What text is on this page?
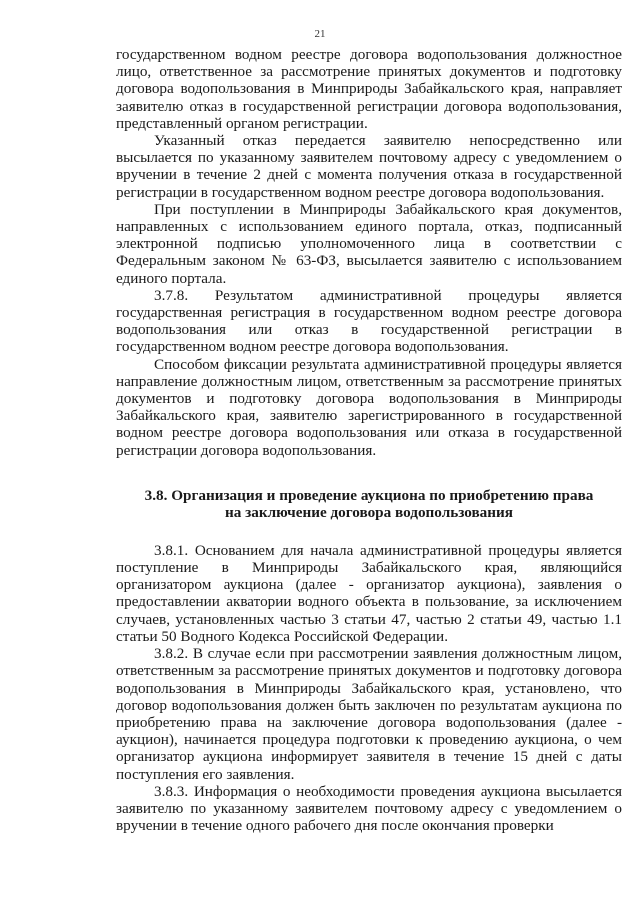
21

государственном водном реестре договора водопользования должностное лицо, ответственное за рассмотрение принятых документов и подготовку договора водопользования в Минприроды Забайкальского края, направляет заявителю отказ в государственной регистрации договора водопользования, представленный органом регистрации.

Указанный отказ передается заявителю непосредственно или высылается по указанному заявителем почтовому адресу с уведомлением о вручении в течение 2 дней с момента получения отказа в государственной регистрации в государственном водном реестре договора водопользования.

При поступлении в Минприроды Забайкальского края документов, направленных с использованием единого портала, отказ, подписанный электронной подписью уполномоченного лица в соответствии с Федеральным законом № 63-ФЗ, высылается заявителю с использованием единого портала.

3.7.8. Результатом административной процедуры является государственная регистрация в государственном водном реестре договора водопользования или отказ в государственной регистрации в государственном водном реестре договора водопользования.

Способом фиксации результата административной процедуры является направление должностным лицом, ответственным за рассмотрение принятых документов и подготовку договора водопользования в Минприроды Забайкальского края, заявителю зарегистрированного в государственной водном реестре договора водопользования или отказа в государственной регистрации договора водопользования.

3.8. Организация и проведение аукциона по приобретению права на заключение договора водопользования

3.8.1. Основанием для начала административной процедуры является поступление в Минприроды Забайкальского края, являющийся организатором аукциона (далее - организатор аукциона), заявления о предоставлении акватории водного объекта в пользование, за исключением случаев, установленных частью 3 статьи 47, частью 2 статьи 49, частью 1.1 статьи 50 Водного Кодекса Российской Федерации.

3.8.2. В случае если при рассмотрении заявления должностным лицом, ответственным за рассмотрение принятых документов и подготовку договора водопользования в Минприроды Забайкальского края, установлено, что договор водопользования должен быть заключен по результатам аукциона по приобретению права на заключение договора водопользования (далее - аукцион), начинается процедура подготовки к проведению аукциона, о чем организатор аукциона информирует заявителя в течение 15 дней с даты поступления его заявления.

3.8.3. Информация о необходимости проведения аукциона высылается заявителю по указанному заявителем почтовому адресу с уведомлением о вручении в течение одного рабочего дня после окончания проверки
